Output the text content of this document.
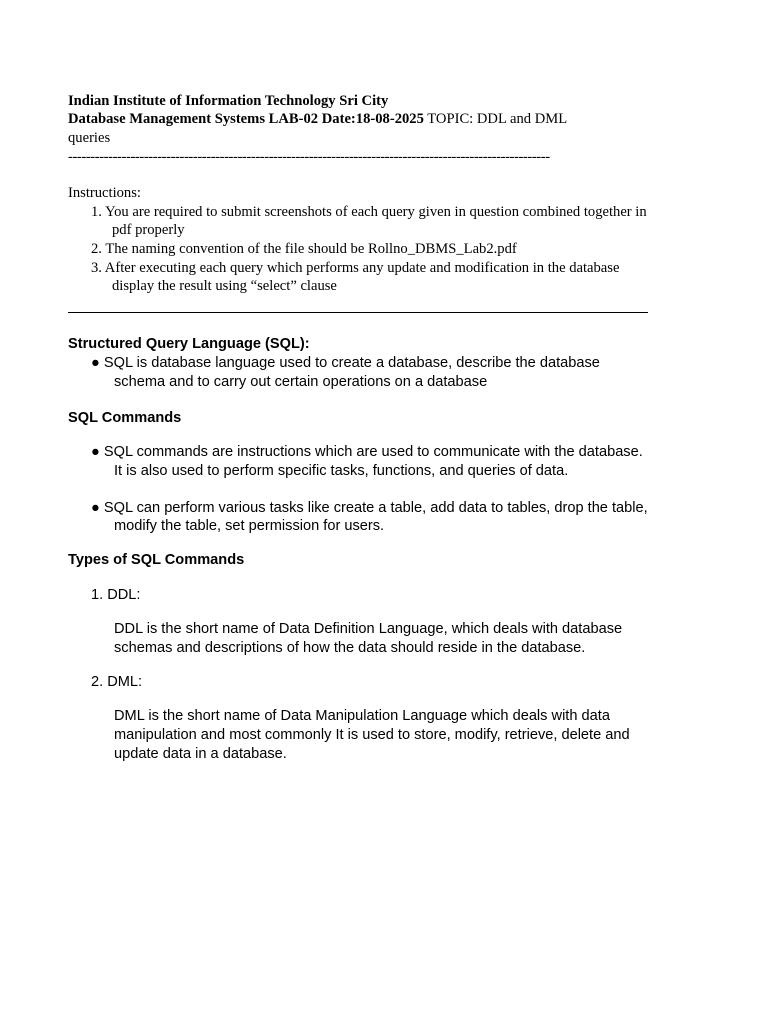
Indian Institute of Information Technology Sri City
Database Management Systems LAB-02 Date:18-08-2025 TOPIC: DDL and DML
queries
------------------------------------------------------------------------------------------------------------
Instructions:
1. You are required to submit screenshots of each query given in question combined together in
pdf properly
2. The naming convention of the file should be Rollno_DBMS_Lab2.pdf
3. After executing each query which performs any update and modification in the database
display the result using “select” clause
Structured Query Language (SQL):
● SQL is database language used to create a database, describe the database
schema and to carry out certain operations on a database
SQL Commands
● SQL commands are instructions which are used to communicate with the database.
It is also used to perform specific tasks, functions, and queries of data.
● SQL can perform various tasks like create a table, add data to tables, drop the table,
modify the table, set permission for users.
Types of SQL Commands
1. DDL:
DDL is the short name of Data Definition Language, which deals with database
schemas and descriptions of how the data should reside in the database.
2. DML:
DML is the short name of Data Manipulation Language which deals with data
manipulation and most commonly It is used to store, modify, retrieve, delete and
update data in a database.
